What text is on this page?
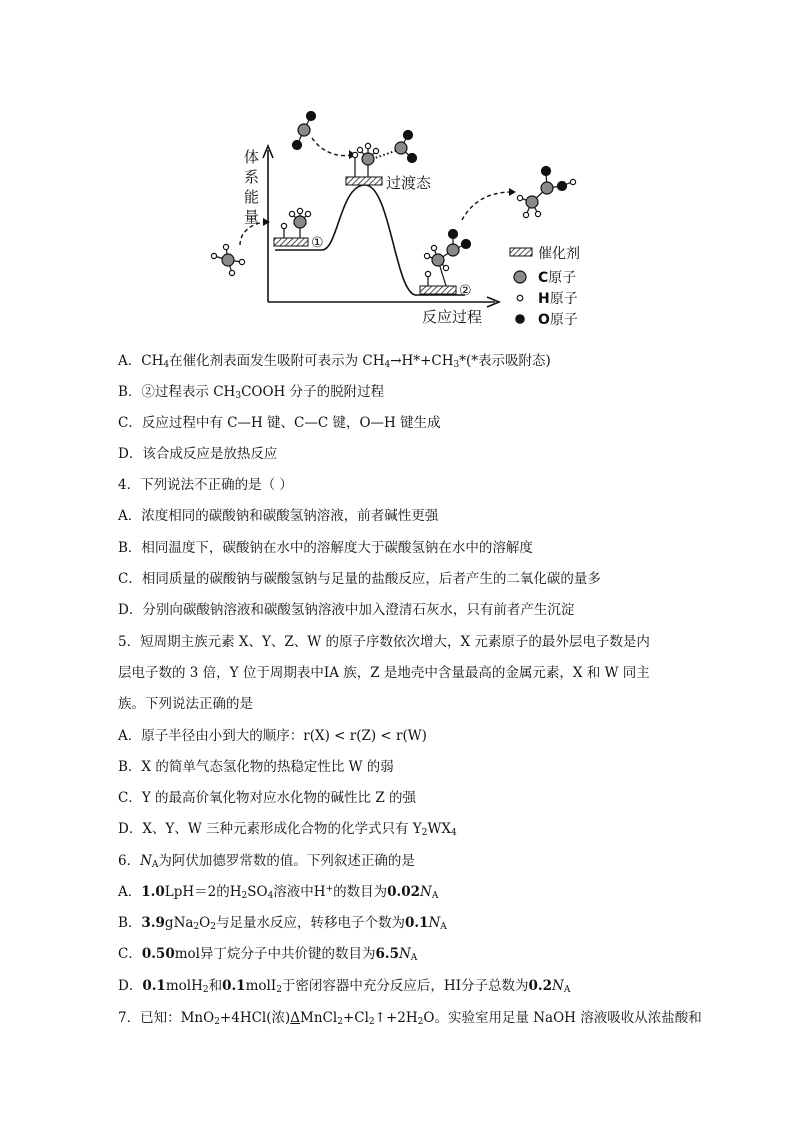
体
系
能
量
反应过程
①
过渡态
②
催化剂
C原子
H原子
O原子
A．$CH_4$在催化剂表面发生吸附可表示为 $CH_4\to H*+CH_3*(*$表示吸附态)
B．②过程表示 $CH_3COOH$ 分子的脱附过程
C．反应过程中有 C—H 键、C—C 键，O—H 键生成
D．该合成反应是放热反应
4．下列说法不正确的是（ ）
A．浓度相同的碳酸钠和碳酸氢钠溶液，前者碱性更强
B．相同温度下，碳酸钠在水中的溶解度大于碳酸氢钠在水中的溶解度
C．相同质量的碳酸钠与碳酸氢钠与足量的盐酸反应，后者产生的二氧化碳的量多
D．分别向碳酸钠溶液和碳酸氢钠溶液中加入澄清石灰水，只有前者产生沉淀
5．短周期主族元素 X、Y、Z、W 的原子序数依次增大，X 元素原子的最外层电子数是内
层电子数的 3 倍，Y 位于周期表中ⅠA 族，Z 是地壳中含量最高的金属元素，X 和 W 同主
族。下列说法正确的是
A．原子半径由小到大的顺序：r(X) < r(Z) < r(W)
B．X 的简单气态氢化物的热稳定性比 W 的弱
C．Y 的最高价氧化物对应水化物的碱性比 Z 的强
D．X、Y、W 三种元素形成化合物的化学式只有 $Y_2WX_4$
6．$N_A$为阿伏加德罗常数的值。下列叙述正确的是
A．1.0LpH＝2的$H_2SO_4$溶液中H+的数目为$0.02N_A$
B．$3.9gNa_2O_2$与足量水反应，转移电子个数为$0.1N_A$
C．0.50mol异丁烷分子中共价键的数目为$6.5N_A$
D．0.1molH$_2$和0.1molI$_2$于密闭容器中充分反应后，HI分子总数为$0.2N_A$
7．已知：MnO$_2$+4HCl(浓)$\Delta MnCl_2+Cl_2↑+2H_2O$。实验室用足量 NaOH 溶液吸收从浓盐酸和
